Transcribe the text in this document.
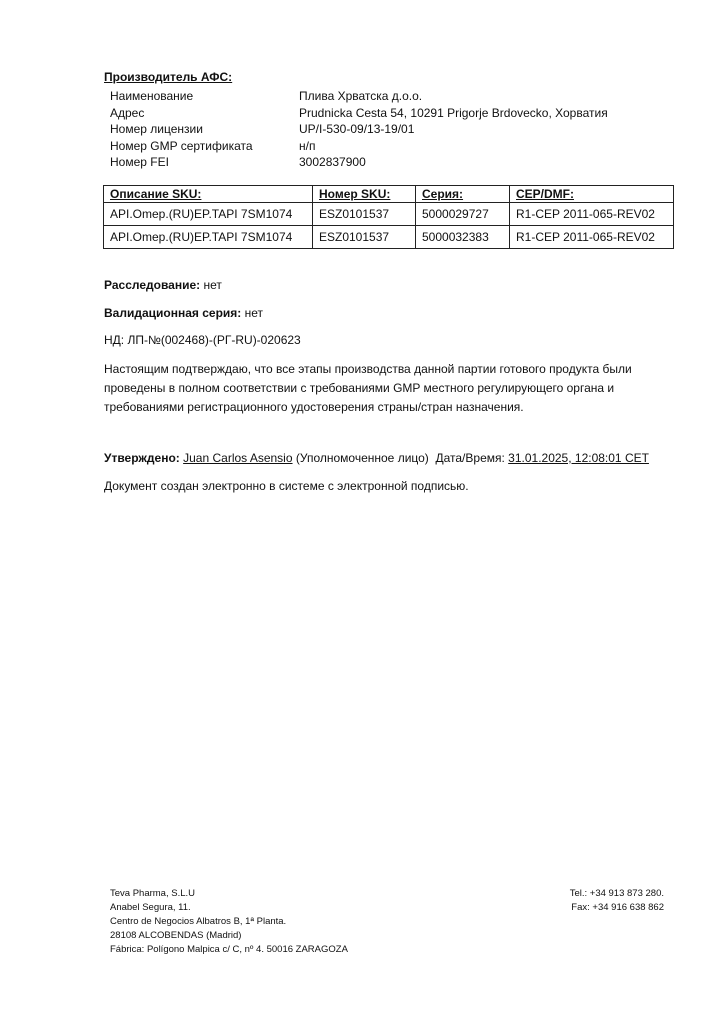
Производитель АФС:
Наименование	Плива Хрватска д.о.о.
Адрес	Prudnicka Cesta 54, 10291 Prigorje Brdovecko, Хорватия
Номер лицензии	UP/I-530-09/13-19/01
Номер GMP сертификата	н/п
Номер FEI	3002837900
Описание SKU:	Номер SKU:	Серия:	CEP/DMF:
API.Omep.(RU)EP.TAPI 7SM1074	ESZ0101537	5000029727	R1-CEP 2011-065-REV02
API.Omep.(RU)EP.TAPI 7SM1074	ESZ0101537	5000032383	R1-CEP 2011-065-REV02
Расследование: нет
Валидационная серия: нет
НД: ЛП-№(002468)-(РГ-RU)-020623
Настоящим подтверждаю, что все этапы производства данной партии готового продукта были
проведены в полном соответствии с требованиями GMP местного регулирующего органа и
требованиями регистрационного удостоверения страны/стран назначения.
Утверждено: Juan Carlos Asensio (Уполномоченное лицо) Дата/Время: 31.01.2025, 12:08:01 CET
Документ создан электронно в системе с электронной подписью.
Teva Pharma, S.L.U
Anabel Segura, 11.
Centro de Negocios Albatros B, 1ª Planta.
28108 ALCOBENDAS (Madrid)
Fábrica: Polígono Malpica c/ C, nº 4. 50016 ZARAGOZA
Tel.: +34 913 873 280.
Fax: +34 916 638 862
